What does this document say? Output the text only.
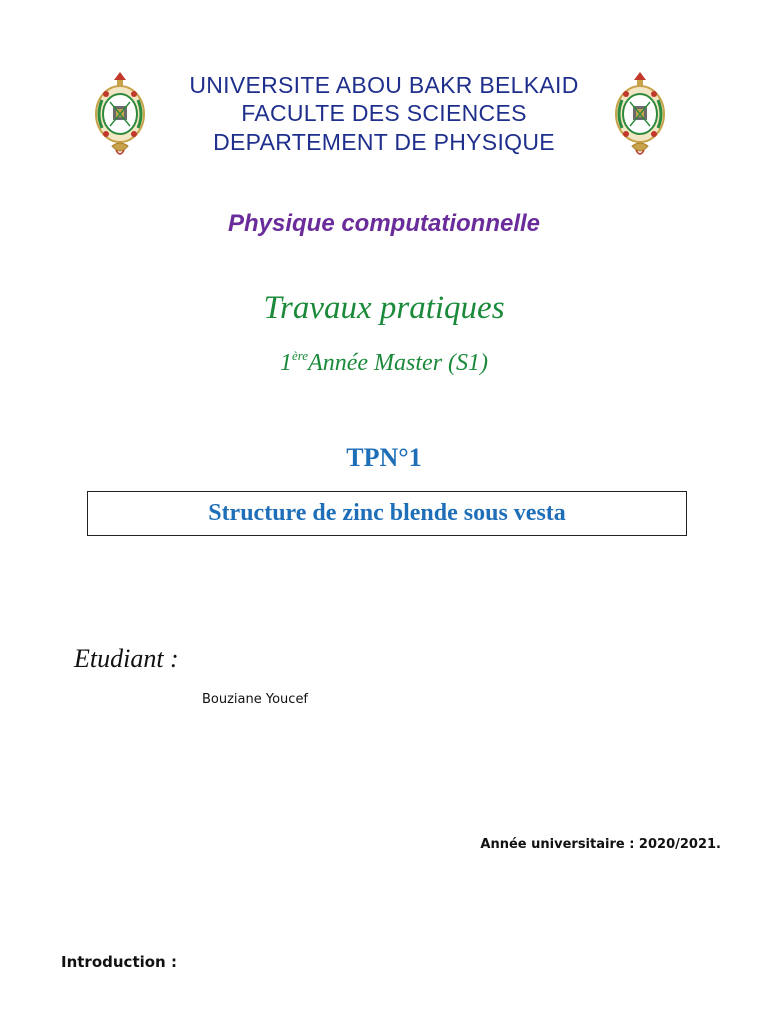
UNIVERSITE ABOU BAKR BELKAID
FACULTE DES SCIENCES
DEPARTEMENT DE PHYSIQUE
Physique computationnelle
Travaux pratiques
1èreAnnée Master (S1)
TPN°1
Structure de zinc blende sous vesta
Etudiant :
Bouziane Youcef
Année universitaire : 2020/2021.
Introduction :
